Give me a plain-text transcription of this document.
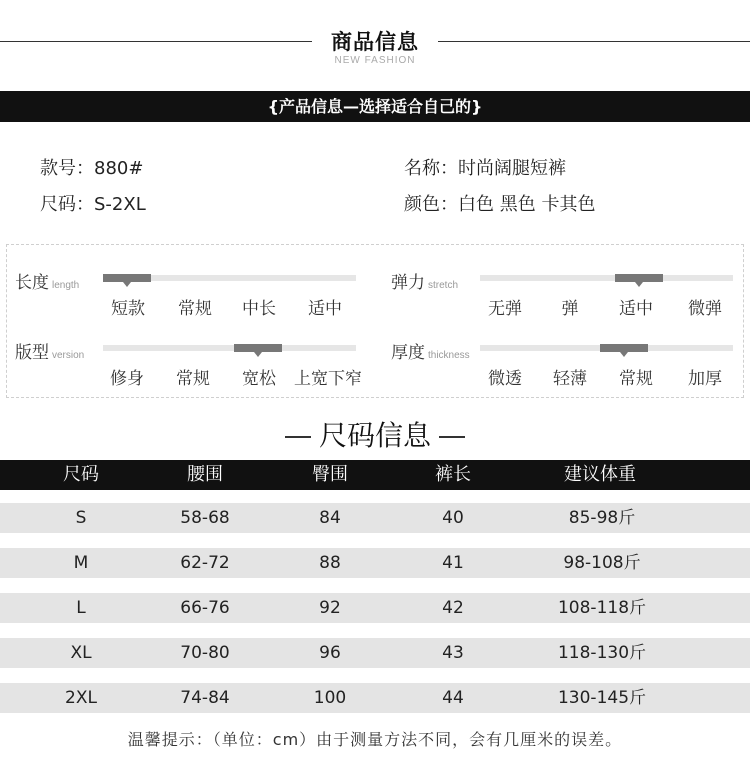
商品信息
NEW FASHION
{产品信息—选择适合自己的}
款号：880#	名称：时尚阔腿短裤
尺码：S-2XL	颜色：白色 黑色 卡其色
长度 length
短款	常规	中长	适中
弹力 stretch
无弹	弹	适中	微弹
版型 version
修身	常规	宽松	上宽下窄
厚度 thickness
微透	轻薄	常规	加厚
尺码信息
尺码	腰围	臀围	裤长	建议体重
S	58-68	84	40	85-98斤
M	62-72	88	41	98-108斤
L	66-76	92	42	108-118斤
XL	70-80	96	43	118-130斤
2XL	74-84	100	44	130-145斤
温馨提示：（单位：cm）由于测量方法不同，会有几厘米的误差。
